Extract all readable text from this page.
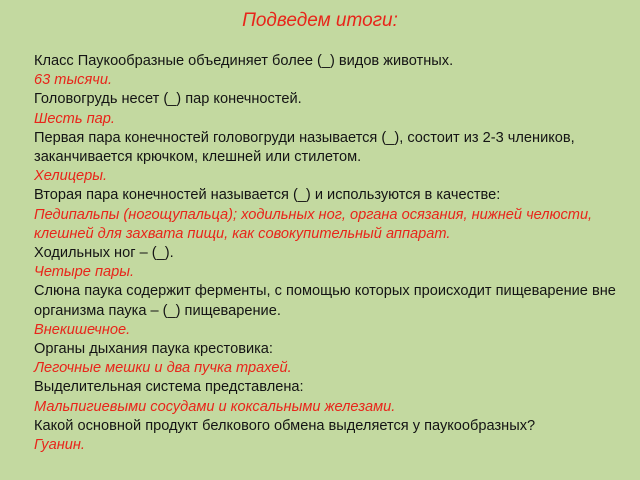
Подведем итоги:

Класс Паукообразные объединяет более (_) видов животных.

63 тысячи.

Головогрудь несет (_) пар конечностей.

Шесть пар.

Первая пара конечностей головогруди называется (_), состоит из 2-3 члеников, заканчивается крючком, клешней или стилетом.

Хелицеры.

Вторая пара конечностей называется (_) и используются в качестве:

Педипальпы (ногощупальца); ходильных ног, органа осязания, нижней челюсти, клешней для захвата пищи, как совокупительный аппарат.

Ходильных ног – (_).

Четыре пары.

Слюна паука содержит ферменты, с помощью которых происходит пищеварение вне организма паука – (_) пищеварение.

Внекишечное.

Органы дыхания паука крестовика:

Легочные мешки и два пучка трахей.

Выделительная система представлена:

Мальпигиевыми сосудами и коксальными железами.

Какой основной продукт белкового обмена выделяется у паукообразных?

Гуанин.
